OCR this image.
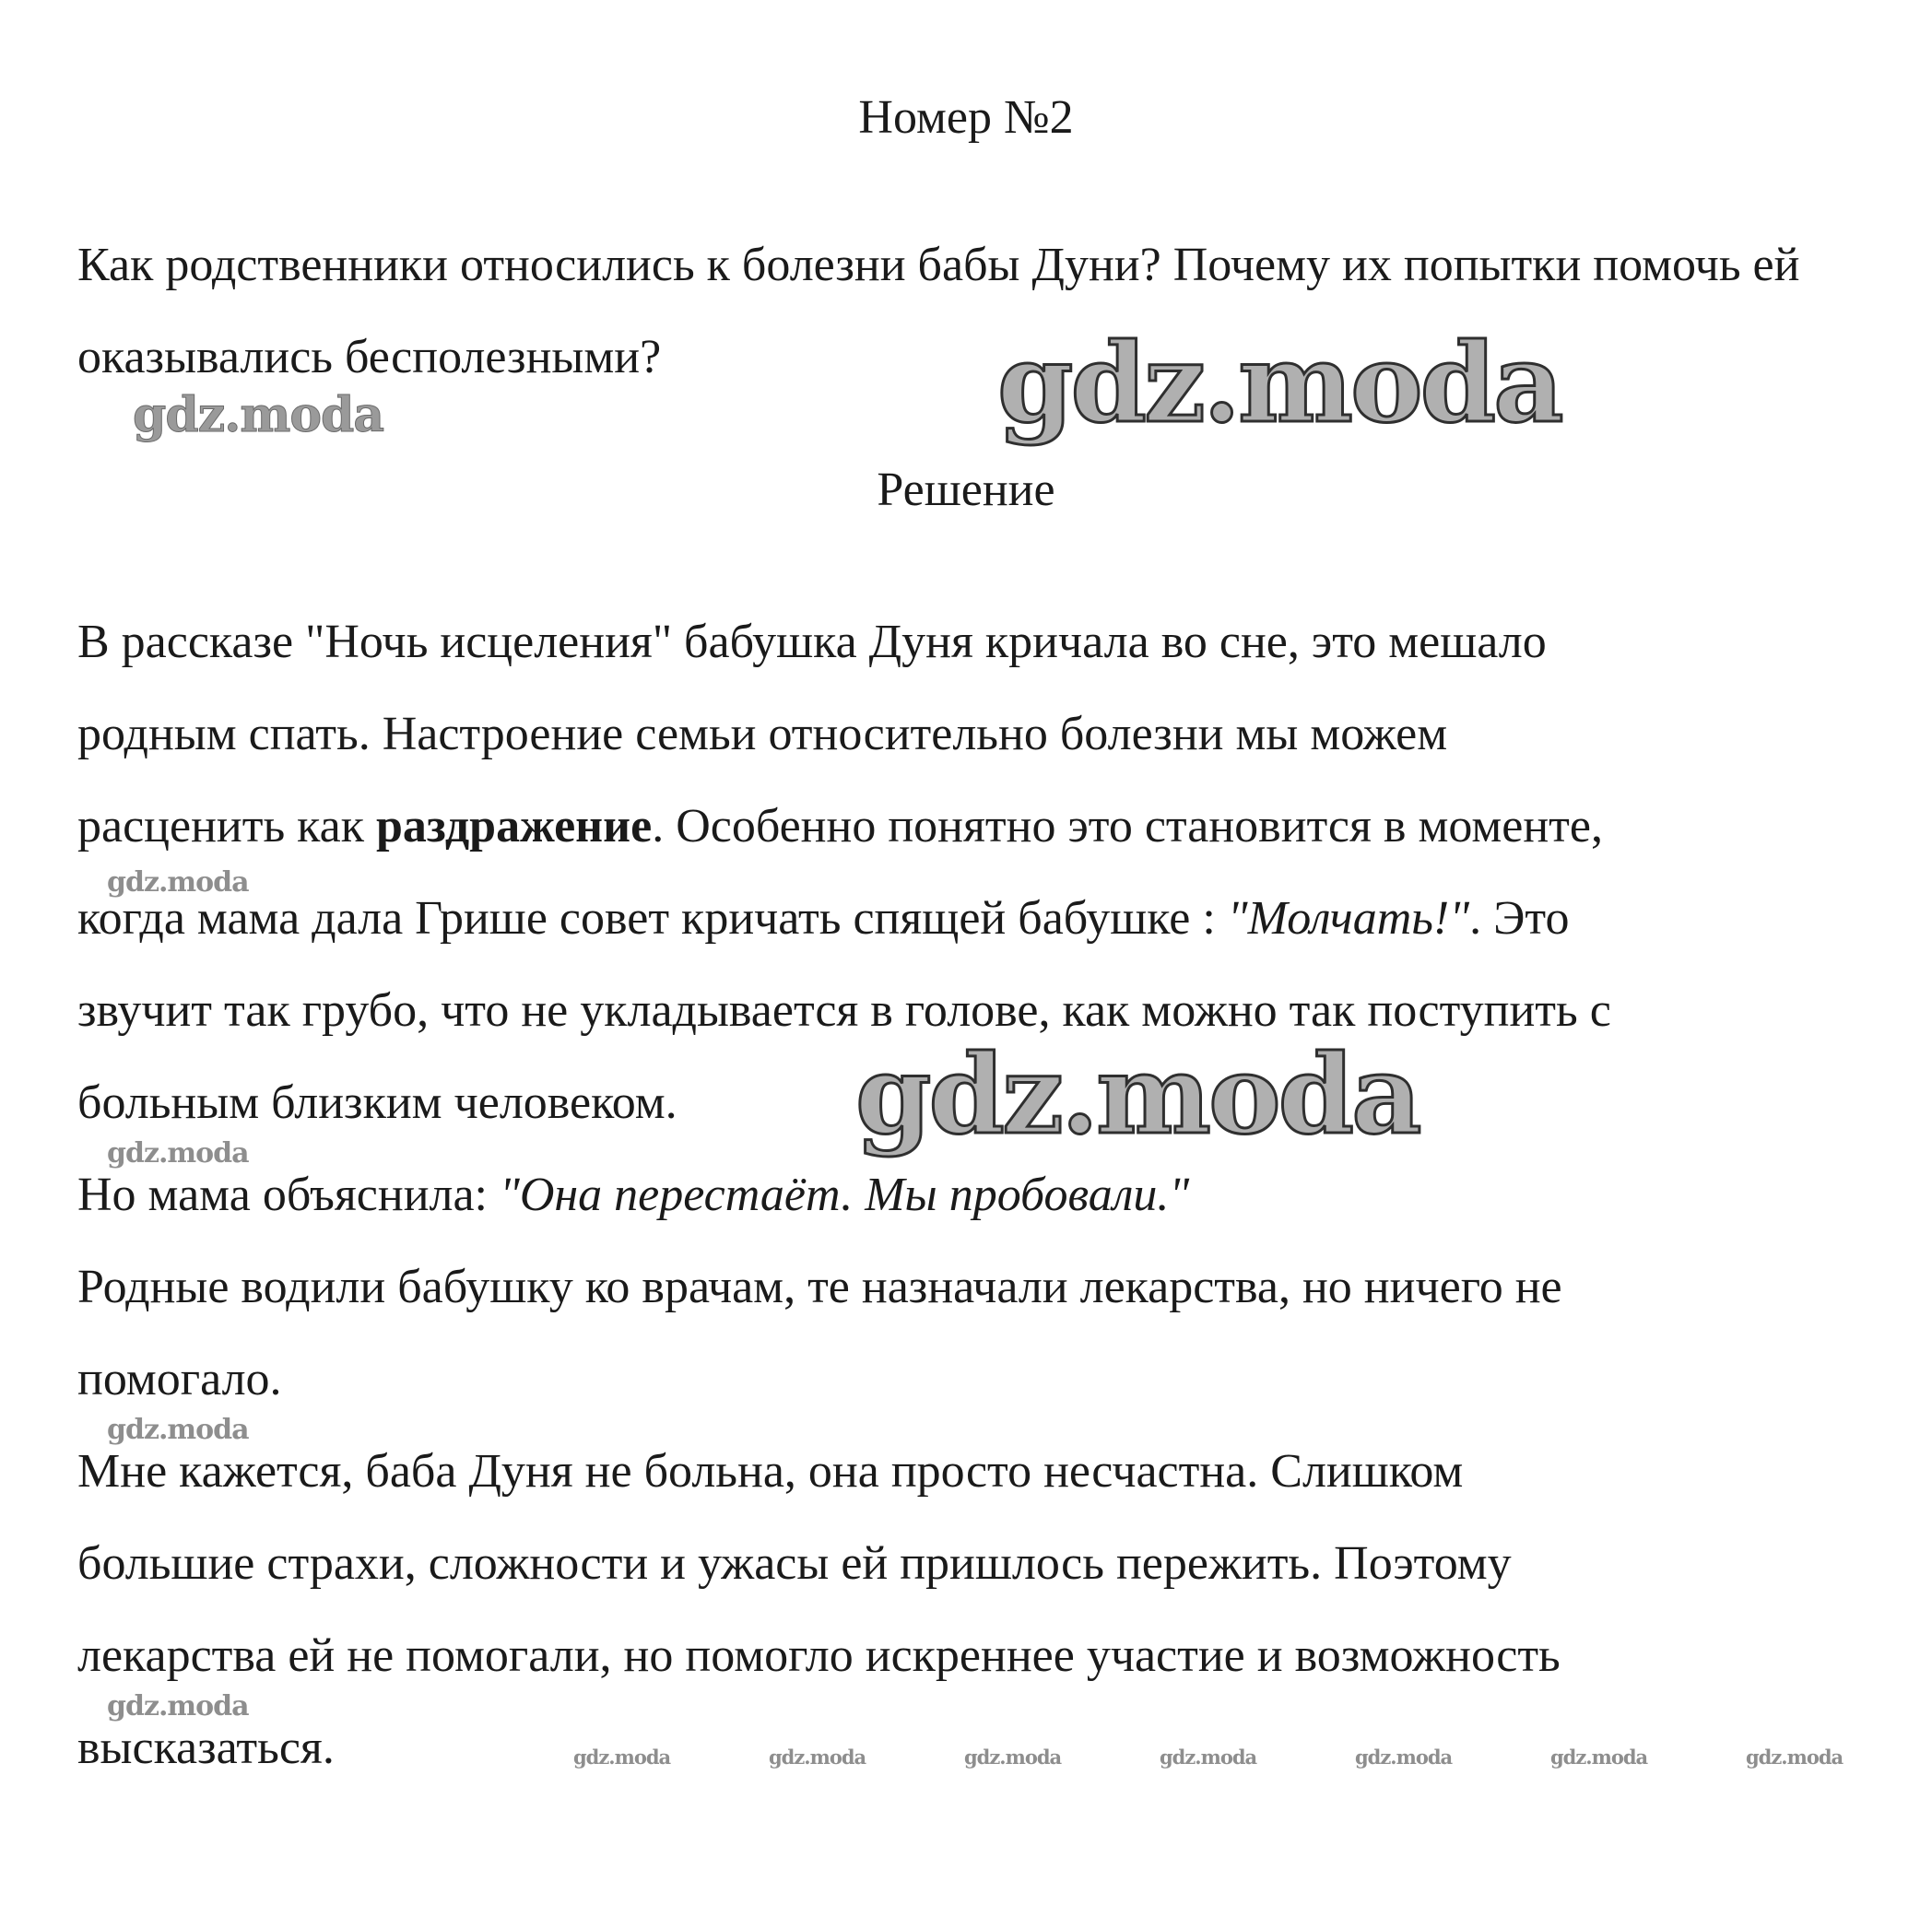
Номер №2
Как родственники относились к болезни бабы Дуни? Почему их попытки помочь ей оказывались бесполезными?
Решение
В рассказе "Ночь исцеления" бабушка Дуня кричала во сне, это мешало
родным спать. Настроение семьи относительно болезни мы можем
расценить как раздражение. Особенно понятно это становится в моменте,
когда мама дала Грише совет кричать спящей бабушке : "Молчать!". Это
звучит так грубо, что не укладывается в голове, как можно так поступить с
больным близким человеком.
Но мама объяснила: "Она перестаёт. Мы пробовали."
Родные водили бабушку ко врачам, те назначали лекарства, но ничего не
помогало.
Мне кажется, баба Дуня не больна, она просто несчастна. Слишком
большие страхи, сложности и ужасы ей пришлось пережить. Поэтому
лекарства ей не помогали, но помогло искреннее участие и возможность
высказаться.
gdz.moda
gdz.moda
gdz.moda
gdz.moda
gdz.moda
gdz.moda
gdz.moda
gdz.moda	gdz.moda	gdz.moda	gdz.moda	gdz.moda	gdz.moda	gdz.moda
